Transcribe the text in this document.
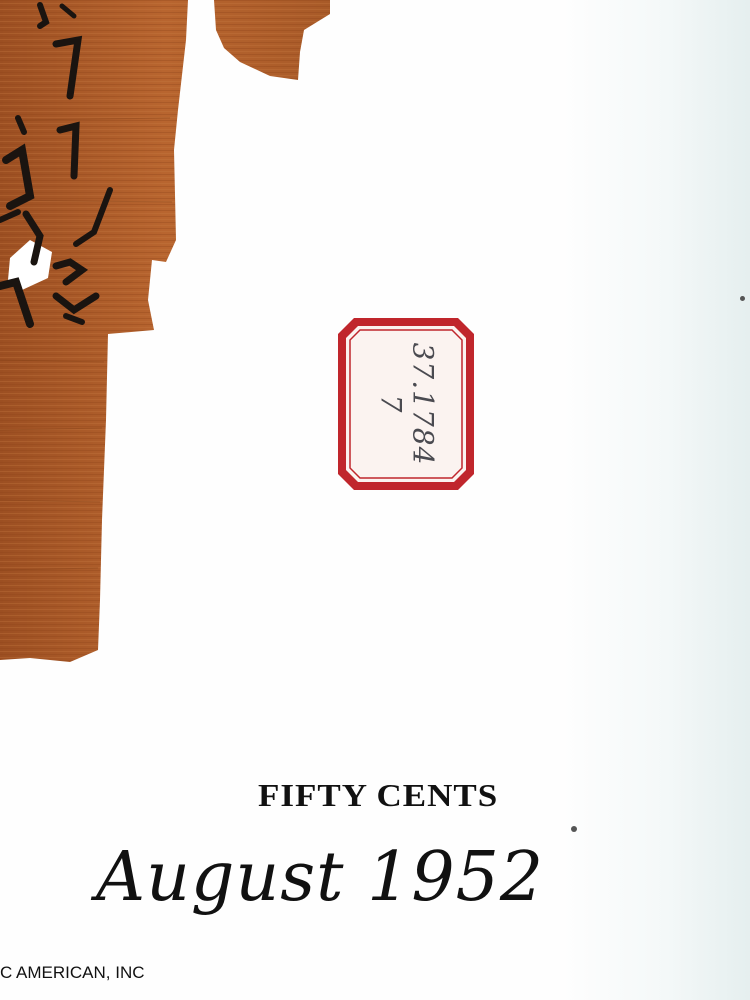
37.1784
7
FIFTY CENTS
August 1952
C AMERICAN, INC
